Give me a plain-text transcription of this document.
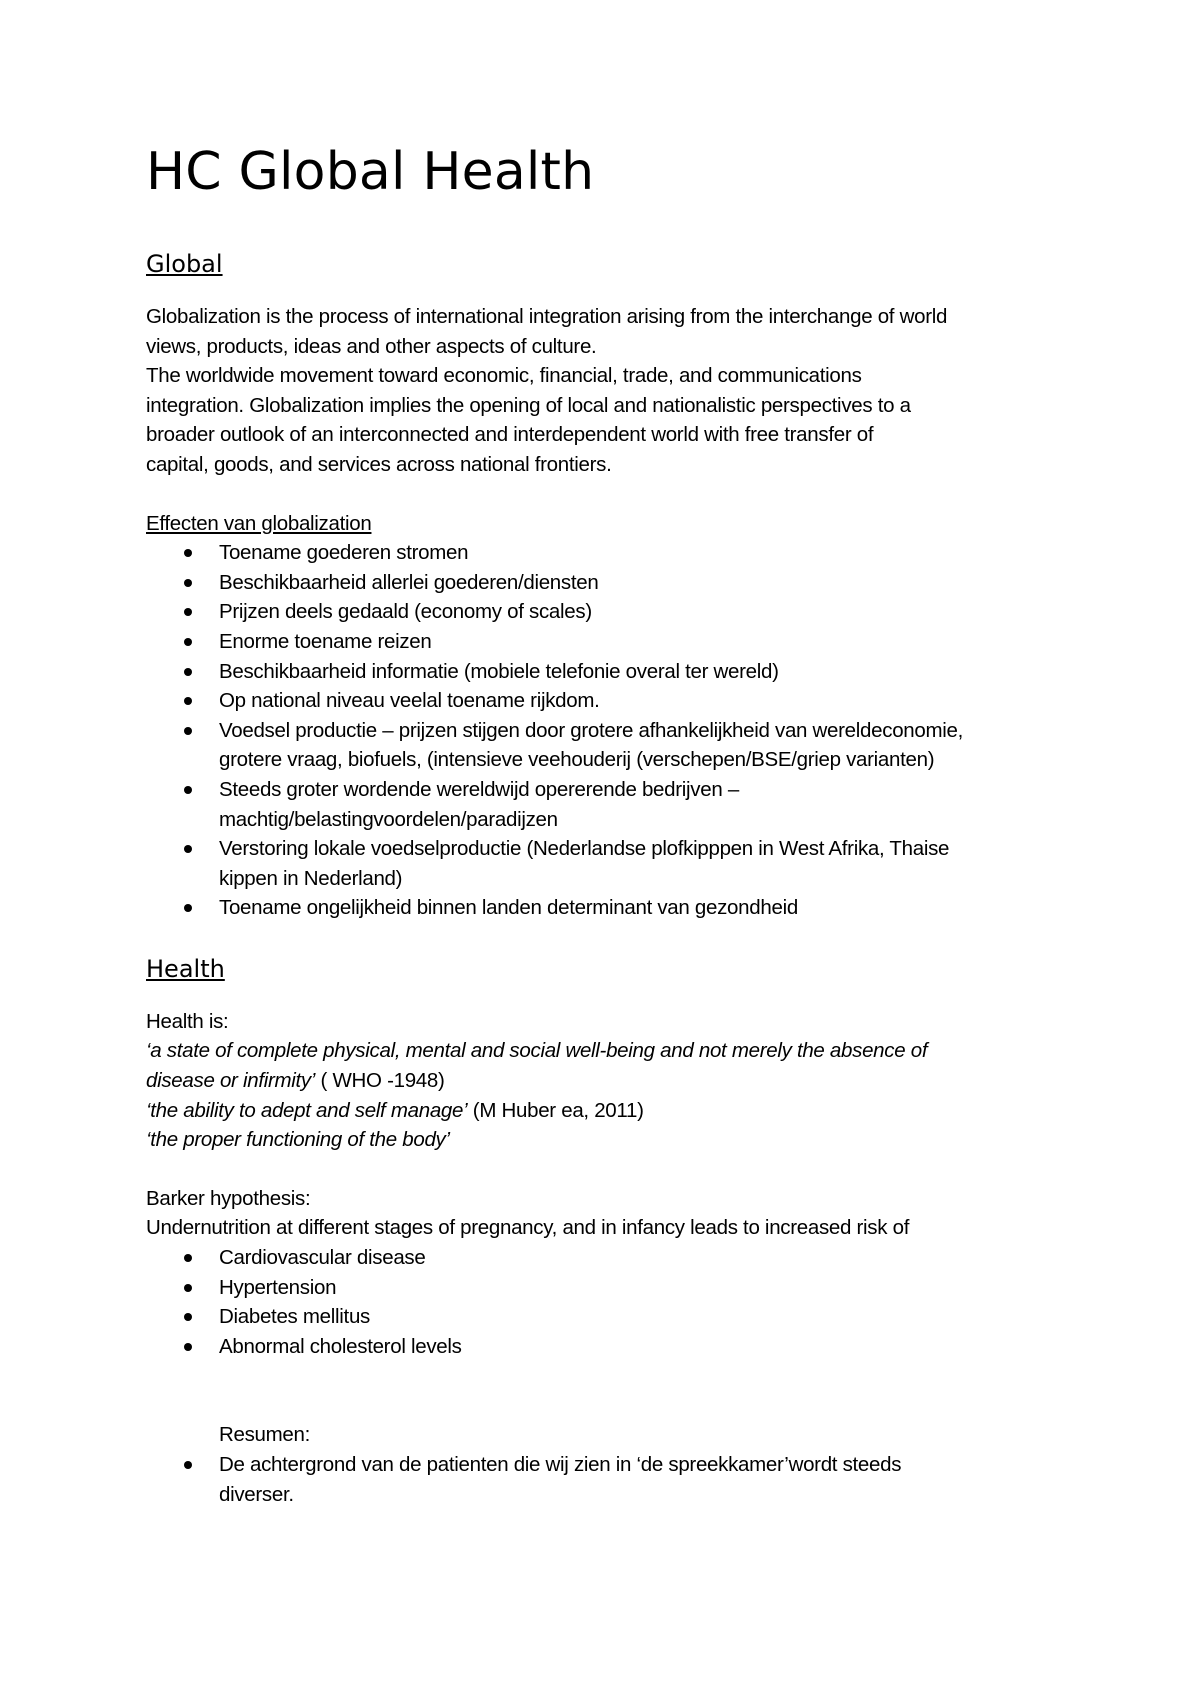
HC Global Health
Global

Globalization is the process of international integration arising from the interchange of world
views, products, ideas and other aspects of culture.
The worldwide movement toward economic, financial, trade, and communications
integration. Globalization implies the opening of local and nationalistic perspectives to a
broader outlook of an interconnected and interdependent world with free transfer of
capital, goods, and services across national frontiers.

Effecten van globalization

Toename goederen stromen
Beschikbaarheid allerlei goederen/diensten
Prijzen deels gedaald (economy of scales)
Enorme toename reizen
Beschikbaarheid informatie (mobiele telefonie overal ter wereld)
Op national niveau veelal toename rijkdom.
Voedsel productie – prijzen stijgen door grotere afhankelijkheid van wereldeconomie,
grotere vraag, biofuels, (intensieve veehouderij (verschepen/BSE/griep varianten)
Steeds groter wordende wereldwijd opererende bedrijven –
machtig/belastingvoordelen/paradijzen
Verstoring lokale voedselproductie (Nederlandse plofkipppen in West Afrika, Thaise
kippen in Nederland)
Toename ongelijkheid binnen landen determinant van gezondheid
Health

Health is:
‘a state of complete physical, mental and social well-being and not merely the absence of
disease or infirmity’ ( WHO -1948)
‘the ability to adept and self manage’ (M Huber ea, 2011)
‘the proper functioning of the body’

Barker hypothesis:
Undernutrition at different stages of pregnancy, and in infancy leads to increased risk of

Cardiovascular disease
Hypertension
Diabetes mellitus
Abnormal cholesterol levels

Resumen:

De achtergrond van de patienten die wij zien in ‘de spreekkamer’wordt steeds
diverser.
